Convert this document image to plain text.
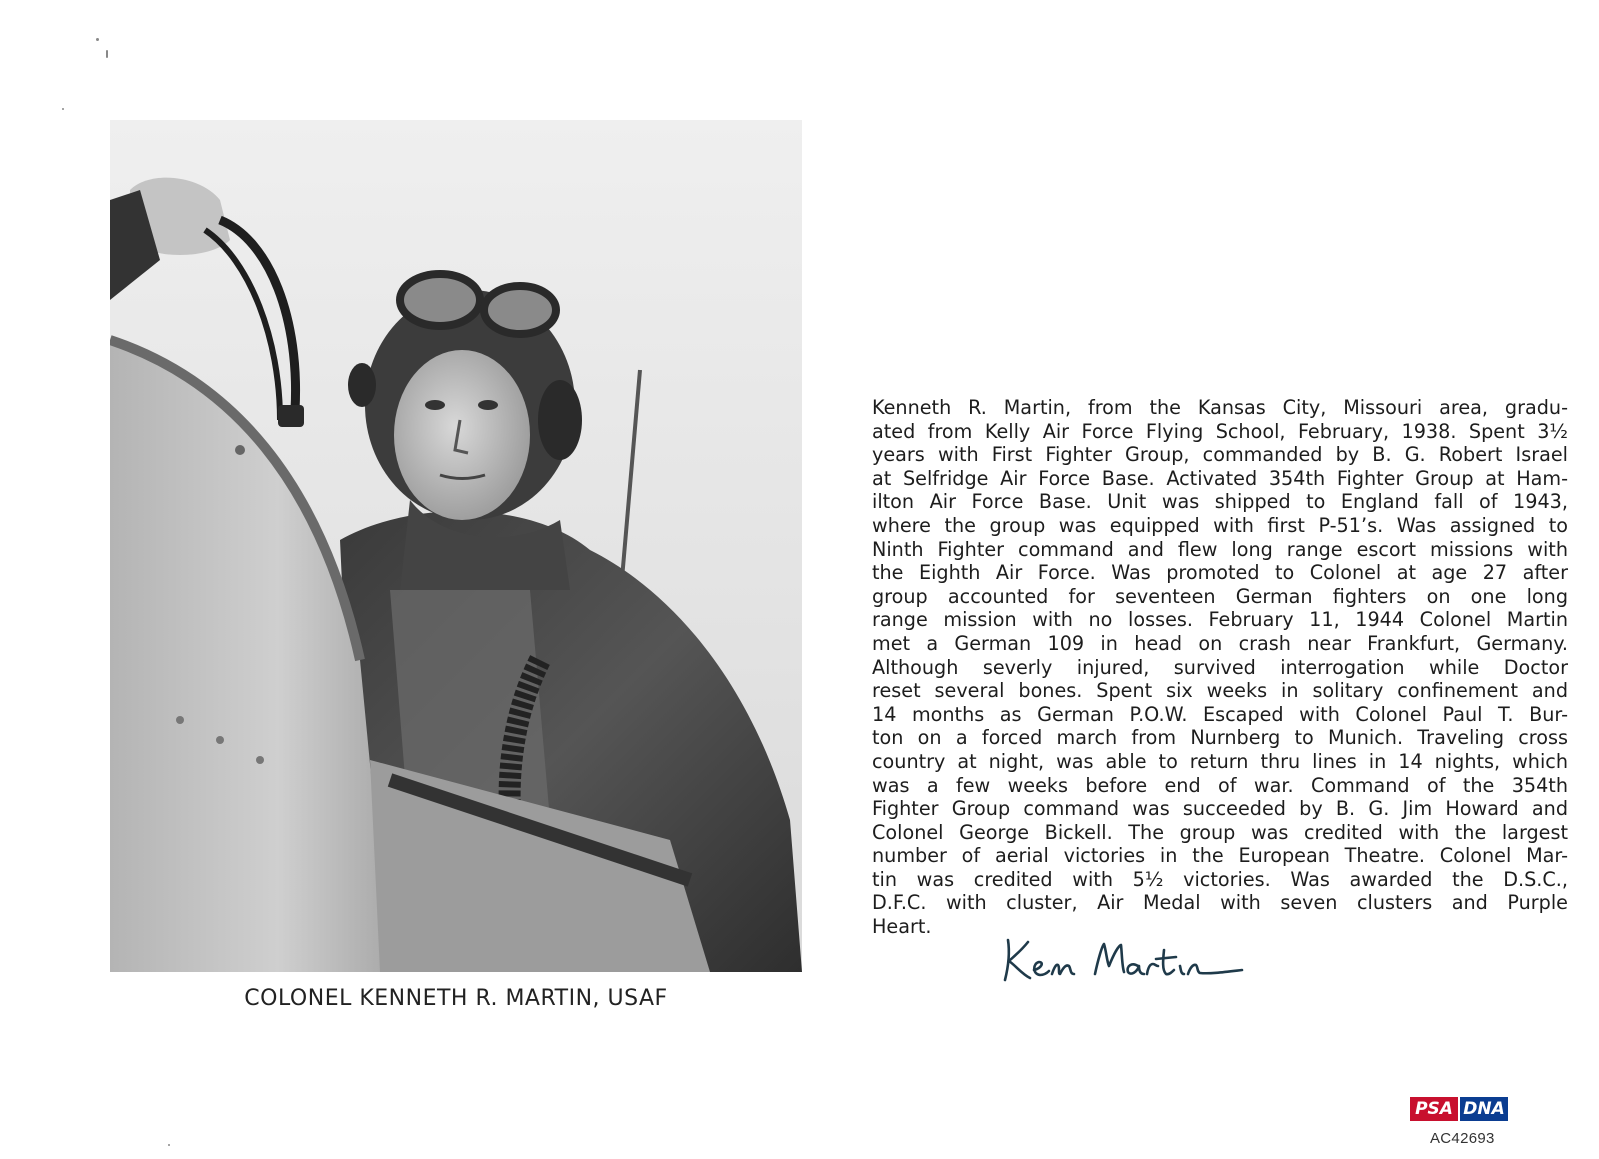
COLONEL KENNETH R. MARTIN, USAF
Kenneth R. Martin, from the Kansas City, Missouri area, gradu-
ated from Kelly Air Force Flying School, February, 1938. Spent 3½
years with First Fighter Group, commanded by B. G. Robert Israel
at Selfridge Air Force Base. Activated 354th Fighter Group at Ham-
ilton Air Force Base. Unit was shipped to England fall of 1943,
where the group was equipped with first P-51’s. Was assigned to
Ninth Fighter command and flew long range escort missions with
the Eighth Air Force. Was promoted to Colonel at age 27 after
group accounted for seventeen German fighters on one long
range mission with no losses. February 11, 1944 Colonel Martin
met a German 109 in head on crash near Frankfurt, Germany.
Although severly injured, survived interrogation while Doctor
reset several bones. Spent six weeks in solitary confinement and
14 months as German P.O.W. Escaped with Colonel Paul T. Bur-
ton on a forced march from Nurnberg to Munich. Traveling cross
country at night, was able to return thru lines in 14 nights, which
was a few weeks before end of war. Command of the 354th
Fighter Group command was succeeded by B. G. Jim Howard and
Colonel George Bickell. The group was credited with the largest
number of aerial victories in the European Theatre. Colonel Mar-
tin was credited with 5½ victories. Was awarded the D.S.C.,
D.F.C. with cluster, Air Medal with seven clusters and Purple
Heart.
PSA DNA
AC42693
